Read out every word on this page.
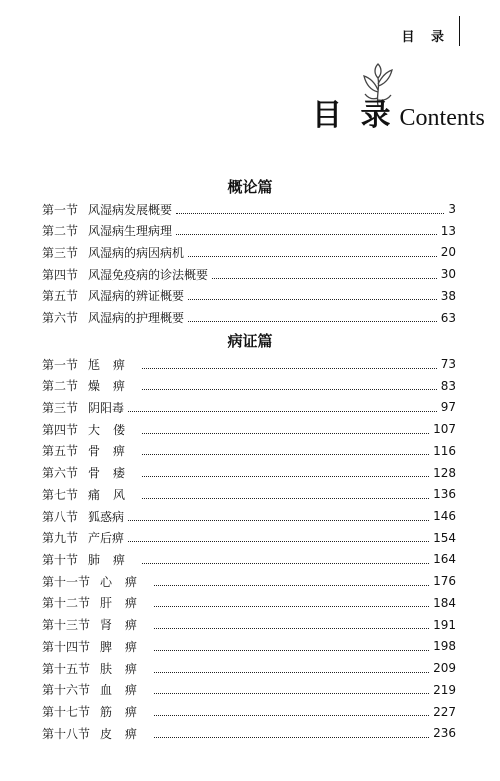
目 录
目 录 Contents
概论篇
第一节 风湿病发展概要	3
第二节 风湿病生理病理	13
第三节 风湿病的病因病机	20
第四节 风湿免疫病的诊法概要	30
第五节 风湿病的辨证概要	38
第六节 风湿病的护理概要	63
病证篇
第一节 尪痹	73
第二节 燥痹	83
第三节 阴阳毒	97
第四节 大偻	107
第五节 骨痹	116
第六节 骨痿	128
第七节 痛风	136
第八节 狐惑病	146
第九节 产后痹	154
第十节 肺痹	164
第十一节 心痹	176
第十二节 肝痹	184
第十三节 肾痹	191
第十四节 脾痹	198
第十五节 肤痹	209
第十六节 血痹	219
第十七节 筋痹	227
第十八节 皮痹	236
